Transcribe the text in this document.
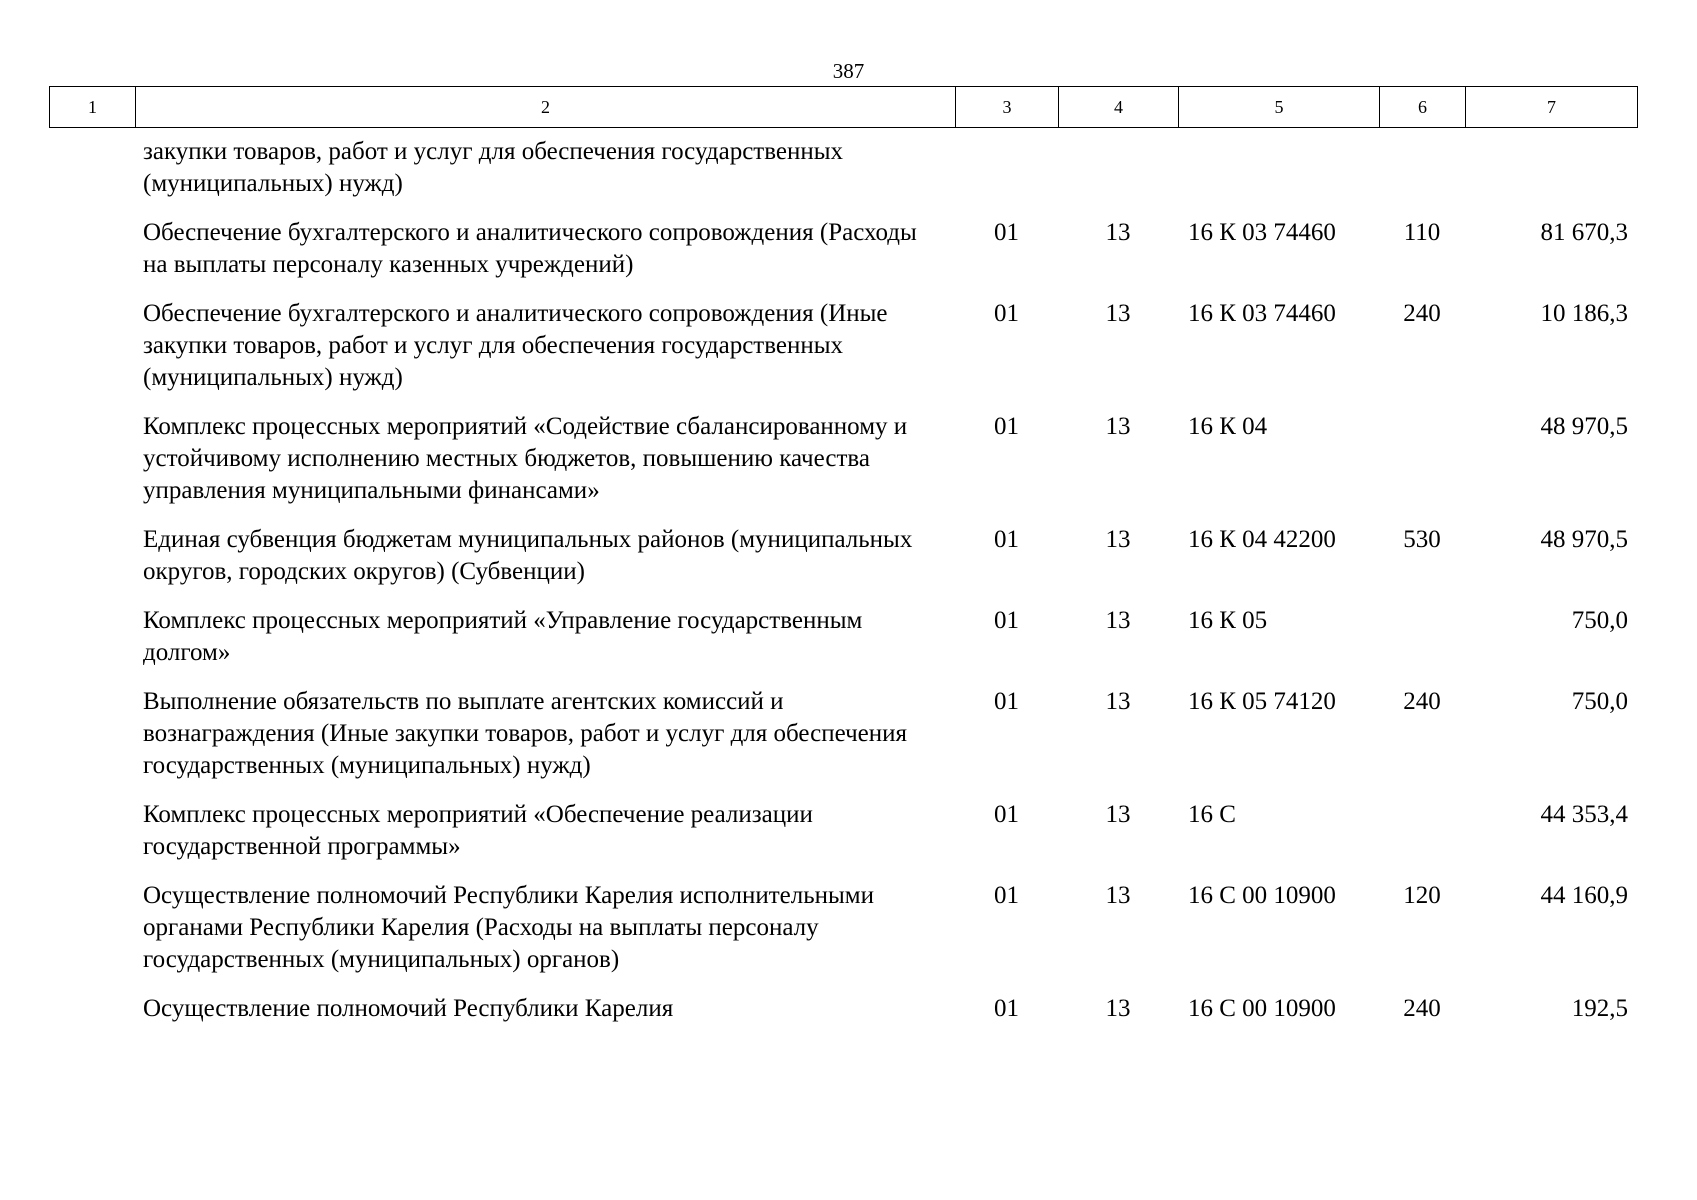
387
1	2	3	4	5	6	7
закупки товаров, работ и услуг для обеспечения государственных (муниципальных) нужд)					
Обеспечение бухгалтерского и аналитического сопровождения (Расходы на выплаты персоналу казенных учреждений)	01	13	16 К 03 74460	110	81 670,3
Обеспечение бухгалтерского и аналитического сопровождения (Иные закупки товаров, работ и услуг для обеспечения государственных (муниципальных) нужд)	01	13	16 К 03 74460	240	10 186,3
Комплекс процессных мероприятий «Содействие сбалансированному и устойчивому исполнению местных бюджетов, повышению качества управления муниципальными финансами»	01	13	16 К 04		48 970,5
Единая субвенция бюджетам муниципальных районов (муниципальных округов, городских округов) (Субвенции)	01	13	16 К 04 42200	530	48 970,5
Комплекс процессных мероприятий «Управление государственным долгом»	01	13	16 К 05		750,0
Выполнение обязательств по выплате агентских комиссий и вознаграждения (Иные закупки товаров, работ и услуг для обеспечения государственных (муниципальных) нужд)	01	13	16 К 05 74120	240	750,0
Комплекс процессных мероприятий «Обеспечение реализации государственной программы»	01	13	16 С		44 353,4
Осуществление полномочий Республики Карелия исполнительными органами Республики Карелия (Расходы на выплаты персоналу государственных (муниципальных) органов)	01	13	16 С 00 10900	120	44 160,9
Осуществление полномочий Республики Карелия	01	13	16 С 00 10900	240	192,5
